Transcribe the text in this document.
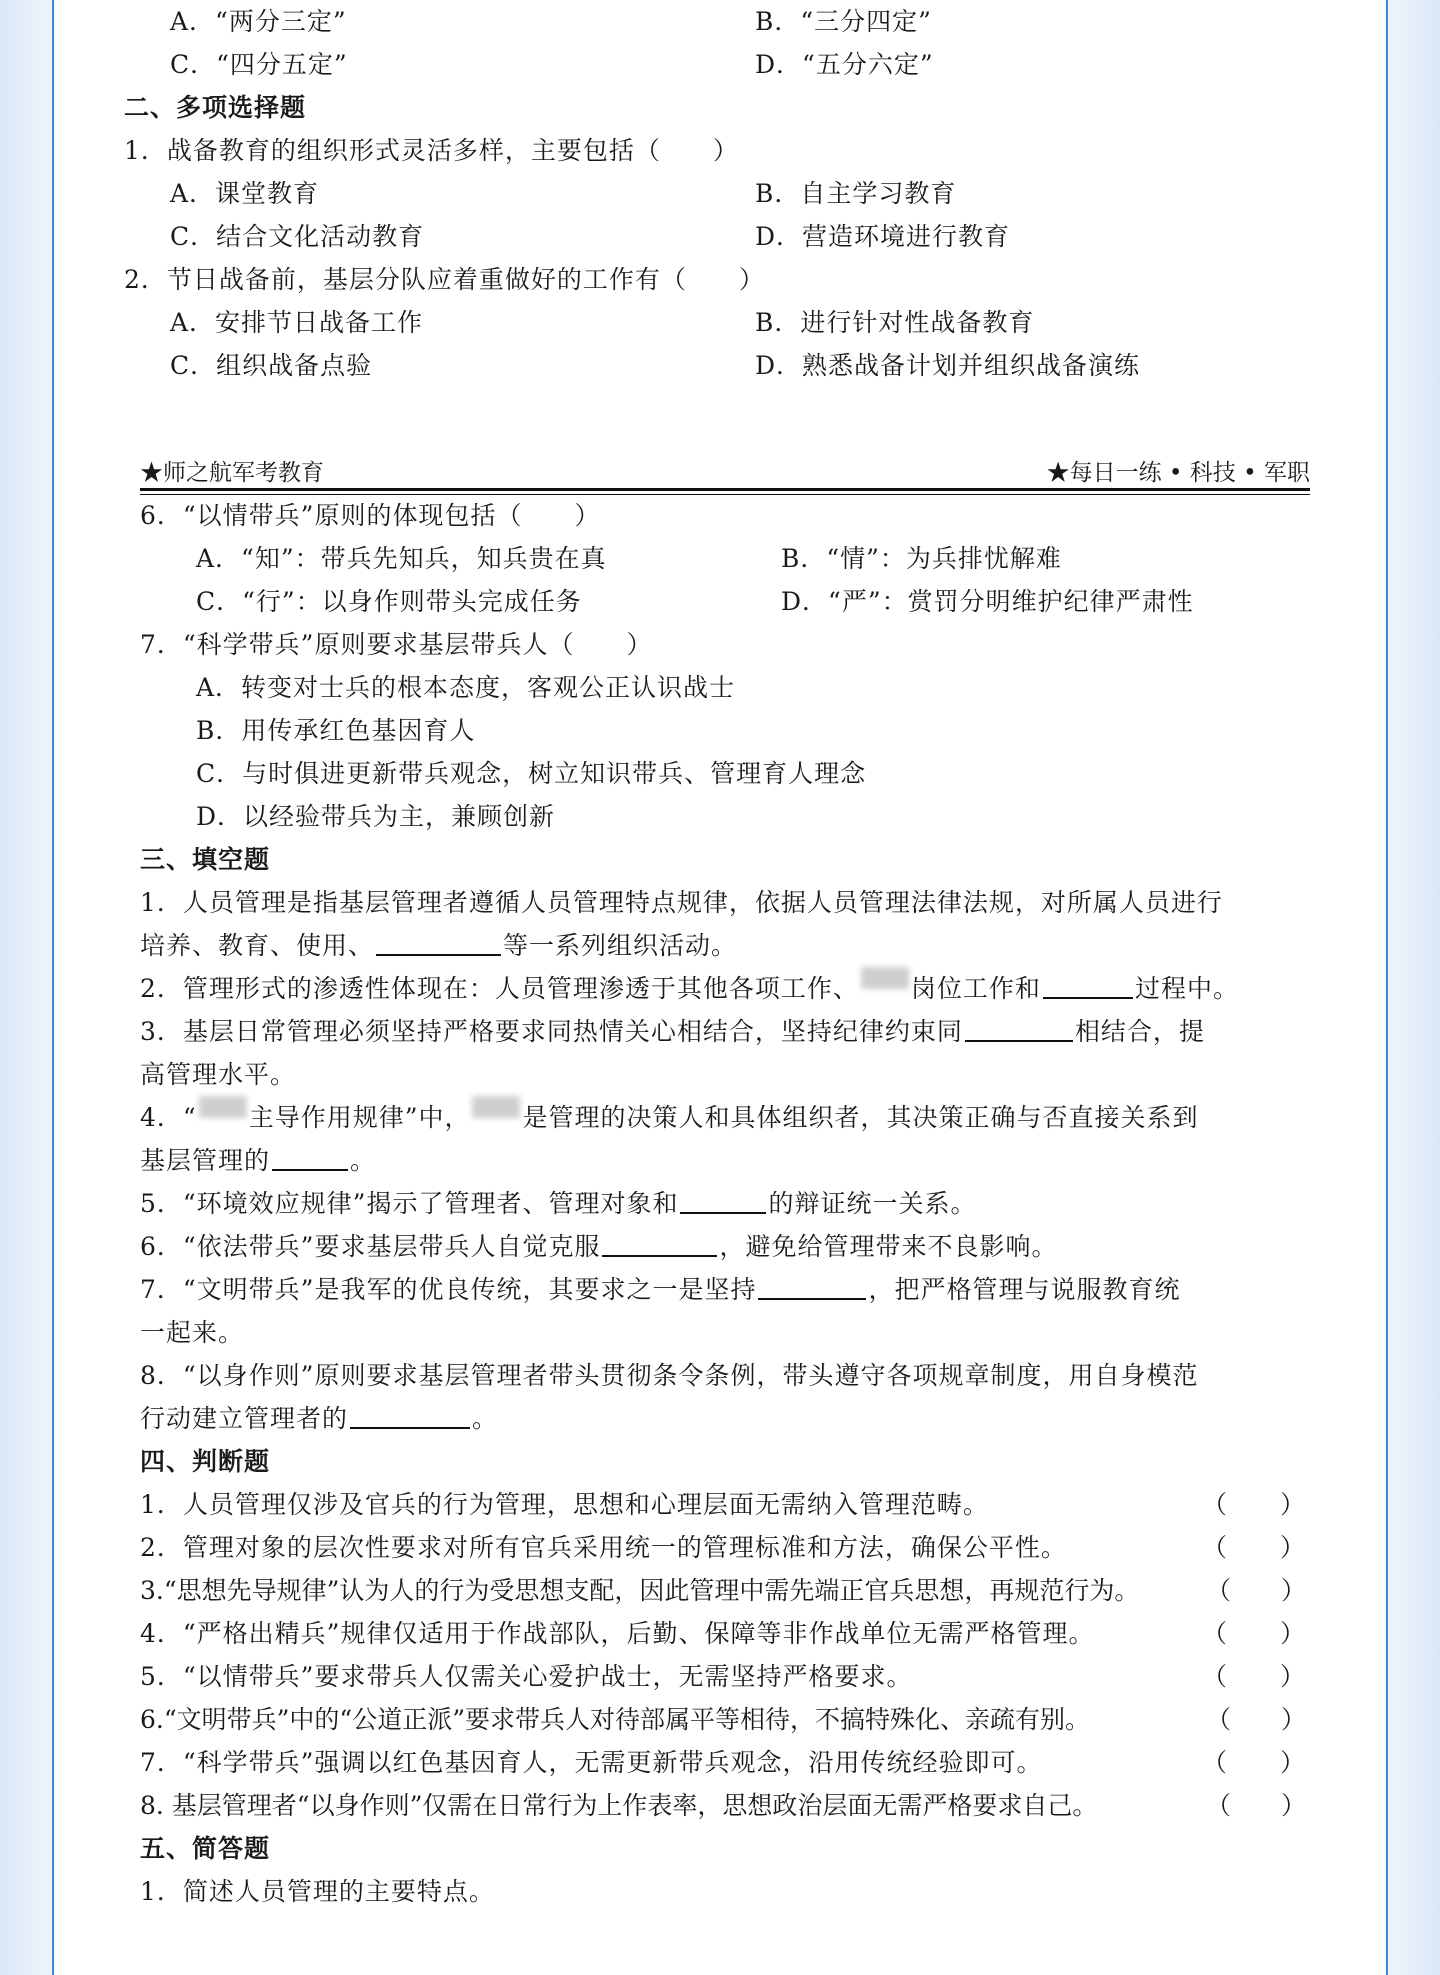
A．“两分三定”	B．“三分四定”
C．“四分五定”	D．“五分六定”
二、多项选择题
1．战备教育的组织形式灵活多样，主要包括（　　）
A．课堂教育	B．自主学习教育
C．结合文化活动教育	D．营造环境进行教育
2．节日战备前，基层分队应着重做好的工作有（　　）
A．安排节日战备工作	B．进行针对性战备教育
C．组织战备点验	D．熟悉战备计划并组织战备演练
★师之航军考教育	★每日一练 • 科技 • 军职
6．“以情带兵”原则的体现包括（　　）
A．“知”：带兵先知兵，知兵贵在真	B．“情”：为兵排忧解难
C．“行”：以身作则带头完成任务	D．“严”：赏罚分明维护纪律严肃性
7．“科学带兵”原则要求基层带兵人（　　）
A．转变对士兵的根本态度，客观公正认识战士
B．用传承红色基因育人
C．与时俱进更新带兵观念，树立知识带兵、管理育人理念
D．以经验带兵为主，兼顾创新
三、填空题
1．人员管理是指基层管理者遵循人员管理特点规律，依据人员管理法律法规，对所属人员进行
培养、教育、使用、	等一系列组织活动。
2．管理形式的渗透性体现在：人员管理渗透于其他各项工作、 岗位工作和	过程中。
3．基层日常管理必须坚持严格要求同热情关心相结合，坚持纪律约束同	相结合，提
高管理水平。
4．“ 主导作用规律”中， 是管理的决策人和具体组织者，其决策正确与否直接关系到
基层管理的	。
5．“环境效应规律”揭示了管理者、管理对象和	的辩证统一关系。
6．“依法带兵”要求基层带兵人自觉克服	，避免给管理带来不良影响。
7．“文明带兵”是我军的优良传统，其要求之一是坚持	，把严格管理与说服教育统
一起来。
8．“以身作则”原则要求基层管理者带头贯彻条令条例，带头遵守各项规章制度，用自身模范
行动建立管理者的	。
四、判断题
1．人员管理仅涉及官兵的行为管理，思想和心理层面无需纳入管理范畴。	（　　）
2．管理对象的层次性要求对所有官兵采用统一的管理标准和方法，确保公平性。	（　　）
3.“思想先导规律”认为人的行为受思想支配，因此管理中需先端正官兵思想，再规范行为。	（　　）
4．“严格出精兵”规律仅适用于作战部队，后勤、保障等非作战单位无需严格管理。	（　　）
5．“以情带兵”要求带兵人仅需关心爱护战士，无需坚持严格要求。	（　　）
6.“文明带兵”中的“公道正派”要求带兵人对待部属平等相待，不搞特殊化、亲疏有别。	（　　）
7．“科学带兵”强调以红色基因育人，无需更新带兵观念，沿用传统经验即可。	（　　）
8. 基层管理者“以身作则”仅需在日常行为上作表率，思想政治层面无需严格要求自己。	（　　）
五、简答题
1．简述人员管理的主要特点。
